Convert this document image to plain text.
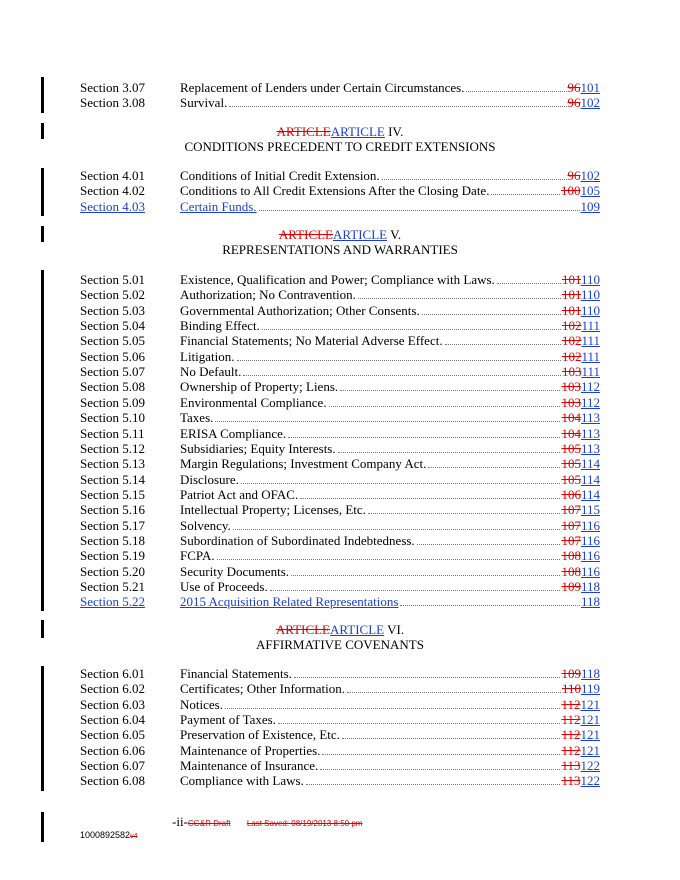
Section 3.07	Replacement of Lenders under Certain Circumstances.	96101
Section 3.08	Survival.	96102
ARTICLEARTICLE IV.
CONDITIONS PRECEDENT TO CREDIT EXTENSIONS
Section 4.01	Conditions of Initial Credit Extension.	96102
Section 4.02	Conditions to All Credit Extensions After the Closing Date.	100105
Section 4.03	Certain Funds.	109
ARTICLEARTICLE V.
REPRESENTATIONS AND WARRANTIES
Section 5.01	Existence, Qualification and Power; Compliance with Laws.	101110
Section 5.02	Authorization; No Contravention.	101110
Section 5.03	Governmental Authorization; Other Consents.	101110
Section 5.04	Binding Effect.	102111
Section 5.05	Financial Statements; No Material Adverse Effect.	102111
Section 5.06	Litigation.	102111
Section 5.07	No Default.	103111
Section 5.08	Ownership of Property; Liens.	103112
Section 5.09	Environmental Compliance.	103112
Section 5.10	Taxes.	104113
Section 5.11	ERISA Compliance.	104113
Section 5.12	Subsidiaries; Equity Interests.	105113
Section 5.13	Margin Regulations; Investment Company Act.	105114
Section 5.14	Disclosure.	105114
Section 5.15	Patriot Act and OFAC.	106114
Section 5.16	Intellectual Property; Licenses, Etc.	107115
Section 5.17	Solvency.	107116
Section 5.18	Subordination of Subordinated Indebtedness.	107116
Section 5.19	FCPA.	108116
Section 5.20	Security Documents.	108116
Section 5.21	Use of Proceeds.	109118
Section 5.22	2015 Acquisition Related Representations	118
ARTICLEARTICLE VI.
AFFIRMATIVE COVENANTS
Section 6.01	Financial Statements.	109118
Section 6.02	Certificates; Other Information.	110119
Section 6.03	Notices.	112121
Section 6.04	Payment of Taxes.	112121
Section 6.05	Preservation of Existence, Etc.	112121
Section 6.06	Maintenance of Properties.	112121
Section 6.07	Maintenance of Insurance.	113122
Section 6.08	Compliance with Laws.	113122
-ii-CG&R Draft Last Saved: 08/19/2013 8:50 pm
1000892582v4
